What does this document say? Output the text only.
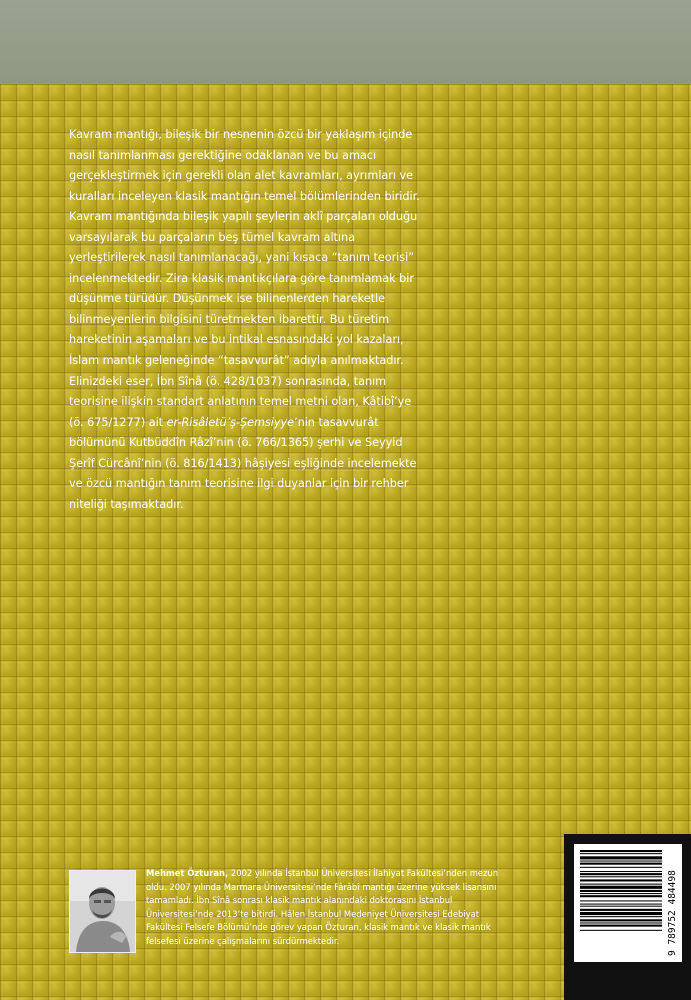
Kavram mantığı, bileşik bir nesnenin özcü bir yaklaşım içinde
nasıl tanımlanması gerektiğine odaklanan ve bu amacı
gerçekleştirmek için gerekli olan alet kavramları, ayrımları ve
kuralları inceleyen klasik mantığın temel bölümlerinden biridir.
Kavram mantığında bileşik yapılı şeylerin aklî parçaları olduğu
varsayılarak bu parçaların beş tümel kavram altına
yerleştirilerek nasıl tanımlanacağı, yani kısaca “tanım teorisi”
incelenmektedir. Zira klasik mantıkçılara göre tanımlamak bir
düşünme türüdür. Düşünmek ise bilinenlerden hareketle
bilinmeyenlerin bilgisini türetmekten ibarettir. Bu türetim
hareketinin aşamaları ve bu intikal esnasındaki yol kazaları,
İslam mantık geleneğinde “tasavvurât” adıyla anılmaktadır.
Elinizdeki eser, İbn Sînâ (ö. 428/1037) sonrasında, tanım
teorisine ilişkin standart anlatının temel metni olan, Kâtibî’ye
(ö. 675/1277) ait er-Risâletü’ş-Şemsiyye’nin tasavvurât
bölümünü Kutbüddîn Râzî’nin (ö. 766/1365) şerhi ve Seyyid
Şerîf Cürcânî’nin (ö. 816/1413) hâşiyesi eşliğinde incelemekte
ve özcü mantığın tanım teorisine ilgi duyanlar için bir rehber
niteliği taşımaktadır.
Mehmet Özturan, 2002 yılında İstanbul Üniversitesi İlahiyat Fakültesi’nden mezun
oldu. 2007 yılında Marmara Üniversitesi’nde Fârâbî mantığı üzerine yüksek lisansını
tamamladı. İbn Sînâ sonrası klasik mantık alanındaki doktorasını İstanbul
Üniversitesi’nde 2013’te bitirdi. Hâlen İstanbul Medeniyet Üniversitesi Edebiyat
Fakültesi Felsefe Bölümü’nde görev yapan Özturan, klasik mantık ve klasik mantık
felsefesi üzerine çalışmalarını sürdürmektedir.	9 789752 484498
